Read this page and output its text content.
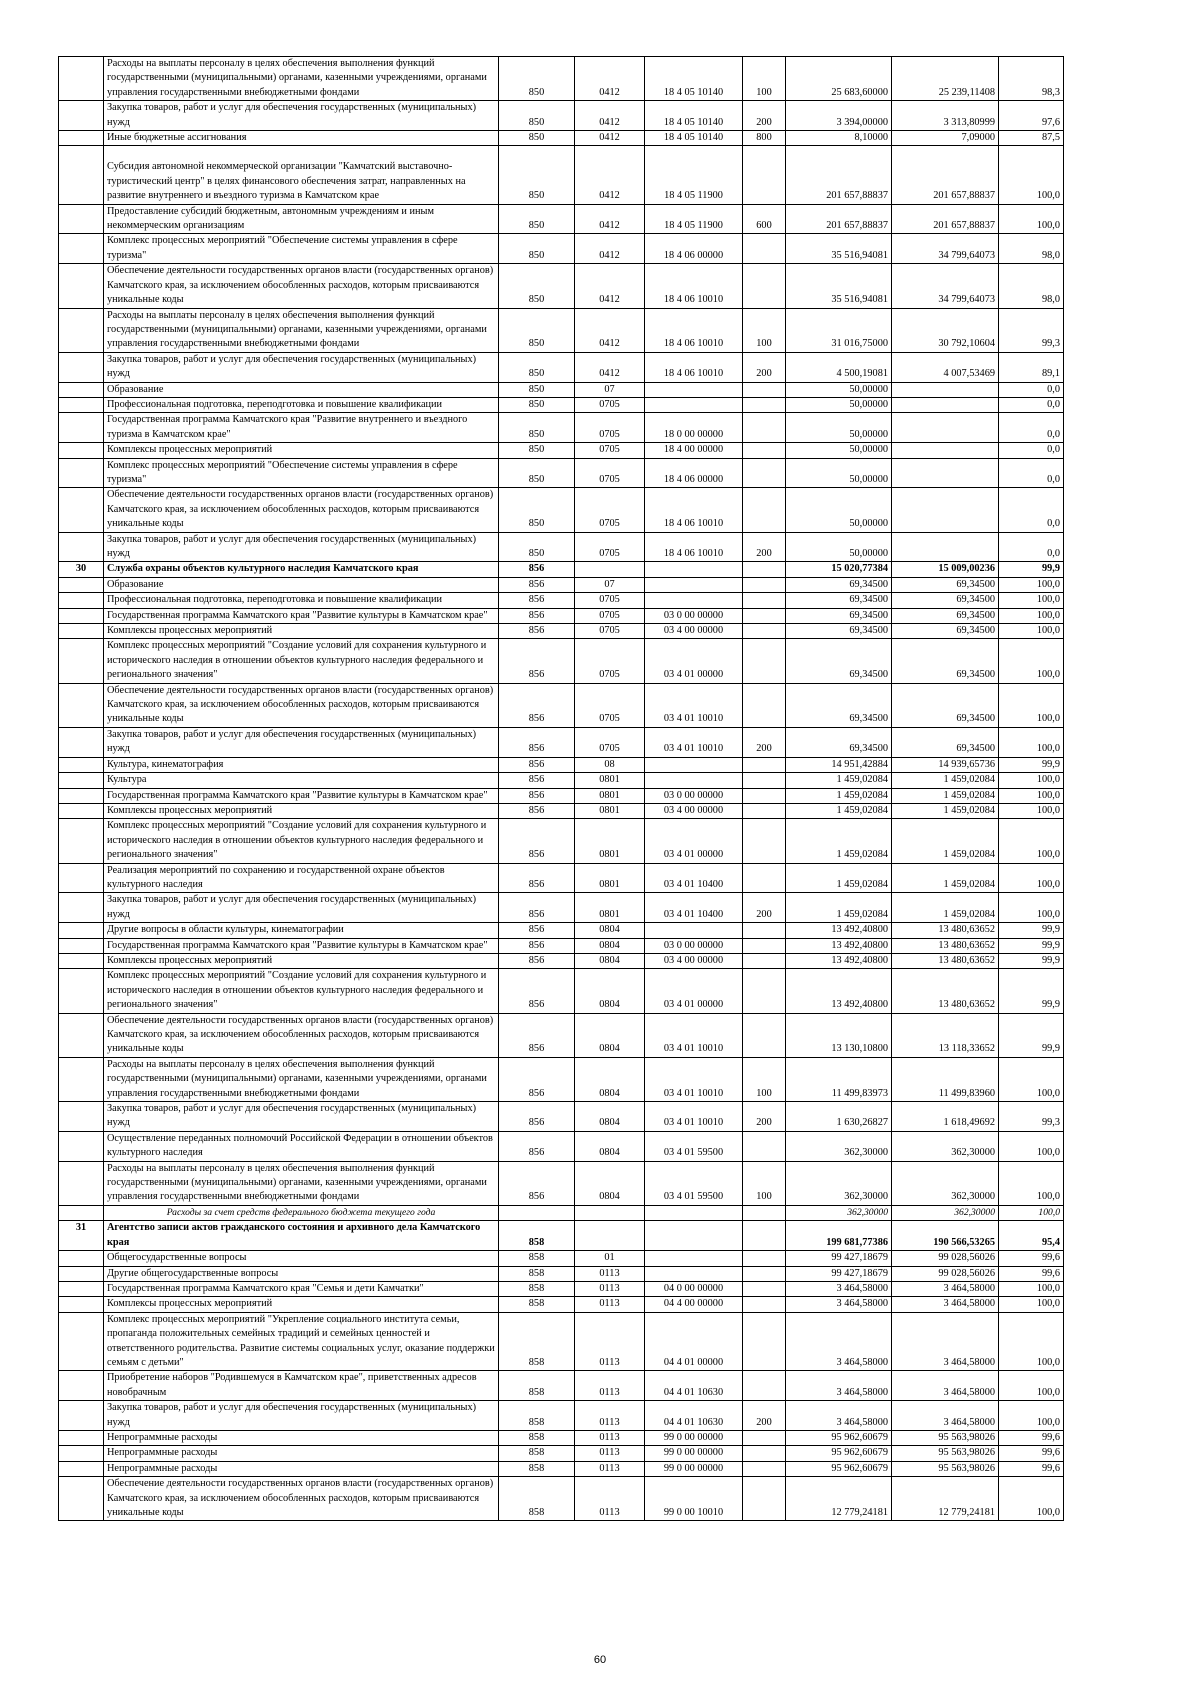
	Расходы на выплаты персоналу в целях обеспечения выполнения функций государственными (муниципальными) органами, казенными учреждениями, органами управления государственными внебюджетными фондами	850	0412	18 4 05 10140	100	25 683,60000	25 239,11408	98,3
	Закупка товаров, работ и услуг для обеспечения государственных (муниципальных) нужд	850	0412	18 4 05 10140	200	3 394,00000	3 313,80999	97,6
	Иные бюджетные ассигнования	850	0412	18 4 05 10140	800	8,10000	7,09000	87,5
	Субсидия автономной некоммерческой организации "Камчатский выставочно-туристический центр" в целях финансового обеспечения затрат, направленных на развитие внутреннего и въездного туризма в Камчатском крае	850	0412	18 4 05 11900		201 657,88837	201 657,88837	100,0
	Предоставление субсидий бюджетным, автономным учреждениям и иным некоммерческим организациям	850	0412	18 4 05 11900	600	201 657,88837	201 657,88837	100,0
	Комплекс процессных мероприятий "Обеспечение системы управления в сфере туризма"	850	0412	18 4 06 00000		35 516,94081	34 799,64073	98,0
	Обеспечение деятельности государственных органов власти (государственных органов) Камчатского края, за исключением обособленных расходов, которым присваиваются уникальные коды	850	0412	18 4 06 10010		35 516,94081	34 799,64073	98,0
	Расходы на выплаты персоналу в целях обеспечения выполнения функций государственными (муниципальными) органами, казенными учреждениями, органами управления государственными внебюджетными фондами	850	0412	18 4 06 10010	100	31 016,75000	30 792,10604	99,3
	Закупка товаров, работ и услуг для обеспечения государственных (муниципальных) нужд	850	0412	18 4 06 10010	200	4 500,19081	4 007,53469	89,1
	Образование	850	07			50,00000		0,0
	Профессиональная подготовка, переподготовка и повышение квалификации	850	0705			50,00000		0,0
	Государственная программа Камчатского края "Развитие внутреннего и въездного туризма в Камчатском крае"	850	0705	18 0 00 00000		50,00000		0,0
	Комплексы процессных мероприятий	850	0705	18 4 00 00000		50,00000		0,0
	Комплекс процессных мероприятий "Обеспечение системы управления в сфере туризма"	850	0705	18 4 06 00000		50,00000		0,0
	Обеспечение деятельности государственных органов власти (государственных органов) Камчатского края, за исключением обособленных расходов, которым присваиваются уникальные коды	850	0705	18 4 06 10010		50,00000		0,0
	Закупка товаров, работ и услуг для обеспечения государственных (муниципальных) нужд	850	0705	18 4 06 10010	200	50,00000		0,0
30	Служба охраны объектов культурного наследия Камчатского края	856				15 020,77384	15 009,00236	99,9
	Образование	856	07			69,34500	69,34500	100,0
	Профессиональная подготовка, переподготовка и повышение квалификации	856	0705			69,34500	69,34500	100,0
	Государственная программа Камчатского края "Развитие культуры в Камчатском крае"	856	0705	03 0 00 00000		69,34500	69,34500	100,0
	Комплексы процессных мероприятий	856	0705	03 4 00 00000		69,34500	69,34500	100,0
	Комплекс процессных мероприятий "Создание условий для сохранения культурного и исторического наследия в отношении объектов культурного наследия федерального и регионального значения"	856	0705	03 4 01 00000		69,34500	69,34500	100,0
	Обеспечение деятельности государственных органов власти (государственных органов) Камчатского края, за исключением обособленных расходов, которым присваиваются уникальные коды	856	0705	03 4 01 10010		69,34500	69,34500	100,0
	Закупка товаров, работ и услуг для обеспечения государственных (муниципальных) нужд	856	0705	03 4 01 10010	200	69,34500	69,34500	100,0
	Культура, кинематография	856	08			14 951,42884	14 939,65736	99,9
	Культура	856	0801			1 459,02084	1 459,02084	100,0
	Государственная программа Камчатского края "Развитие культуры в Камчатском крае"	856	0801	03 0 00 00000		1 459,02084	1 459,02084	100,0
	Комплексы процессных мероприятий	856	0801	03 4 00 00000		1 459,02084	1 459,02084	100,0
	Комплекс процессных мероприятий "Создание условий для сохранения культурного и исторического наследия в отношении объектов культурного наследия федерального и регионального значения"	856	0801	03 4 01 00000		1 459,02084	1 459,02084	100,0
	Реализация мероприятий по сохранению и государственной охране объектов культурного наследия	856	0801	03 4 01 10400		1 459,02084	1 459,02084	100,0
	Закупка товаров, работ и услуг для обеспечения государственных (муниципальных) нужд	856	0801	03 4 01 10400	200	1 459,02084	1 459,02084	100,0
	Другие вопросы в области культуры, кинематографии	856	0804			13 492,40800	13 480,63652	99,9
	Государственная программа Камчатского края "Развитие культуры в Камчатском крае"	856	0804	03 0 00 00000		13 492,40800	13 480,63652	99,9
	Комплексы процессных мероприятий	856	0804	03 4 00 00000		13 492,40800	13 480,63652	99,9
	Комплекс процессных мероприятий "Создание условий для сохранения культурного и исторического наследия в отношении объектов культурного наследия федерального и регионального значения"	856	0804	03 4 01 00000		13 492,40800	13 480,63652	99,9
	Обеспечение деятельности государственных органов власти (государственных органов) Камчатского края, за исключением обособленных расходов, которым присваиваются уникальные коды	856	0804	03 4 01 10010		13 130,10800	13 118,33652	99,9
	Расходы на выплаты персоналу в целях обеспечения выполнения функций государственными (муниципальными) органами, казенными учреждениями, органами управления государственными внебюджетными фондами	856	0804	03 4 01 10010	100	11 499,83973	11 499,83960	100,0
	Закупка товаров, работ и услуг для обеспечения государственных (муниципальных) нужд	856	0804	03 4 01 10010	200	1 630,26827	1 618,49692	99,3
	Осуществление переданных полномочий Российской Федерации в отношении объектов культурного наследия	856	0804	03 4 01 59500		362,30000	362,30000	100,0
	Расходы на выплаты персоналу в целях обеспечения выполнения функций государственными (муниципальными) органами, казенными учреждениями, органами управления государственными внебюджетными фондами	856	0804	03 4 01 59500	100	362,30000	362,30000	100,0
	Расходы за счет средств федерального бюджета текущего года					362,30000	362,30000	100,0
31	Агентство записи актов гражданского состояния и архивного дела Камчатского края	858				199 681,77386	190 566,53265	95,4
	Общегосударственные вопросы	858	01			99 427,18679	99 028,56026	99,6
	Другие общегосударственные вопросы	858	0113			99 427,18679	99 028,56026	99,6
	Государственная программа Камчатского края "Семья и дети Камчатки"	858	0113	04 0 00 00000		3 464,58000	3 464,58000	100,0
	Комплексы процессных мероприятий	858	0113	04 4 00 00000		3 464,58000	3 464,58000	100,0
	Комплекс процессных мероприятий "Укрепление социального института семьи, пропаганда положительных семейных традиций и семейных ценностей и ответственного родительства. Развитие системы социальных услуг, оказание поддержки семьям с детьми"	858	0113	04 4 01 00000		3 464,58000	3 464,58000	100,0
	Приобретение наборов "Родившемуся в Камчатском крае", приветственных адресов новобрачным	858	0113	04 4 01 10630		3 464,58000	3 464,58000	100,0
	Закупка товаров, работ и услуг для обеспечения государственных (муниципальных) нужд	858	0113	04 4 01 10630	200	3 464,58000	3 464,58000	100,0
	Непрограммные расходы	858	0113	99 0 00 00000		95 962,60679	95 563,98026	99,6
	Непрограммные расходы	858	0113	99 0 00 00000		95 962,60679	95 563,98026	99,6
	Непрограммные расходы	858	0113	99 0 00 00000		95 962,60679	95 563,98026	99,6
	Обеспечение деятельности государственных органов власти (государственных органов) Камчатского края, за исключением обособленных расходов, которым присваиваются уникальные коды	858	0113	99 0 00 10010		12 779,24181	12 779,24181	100,0
60
